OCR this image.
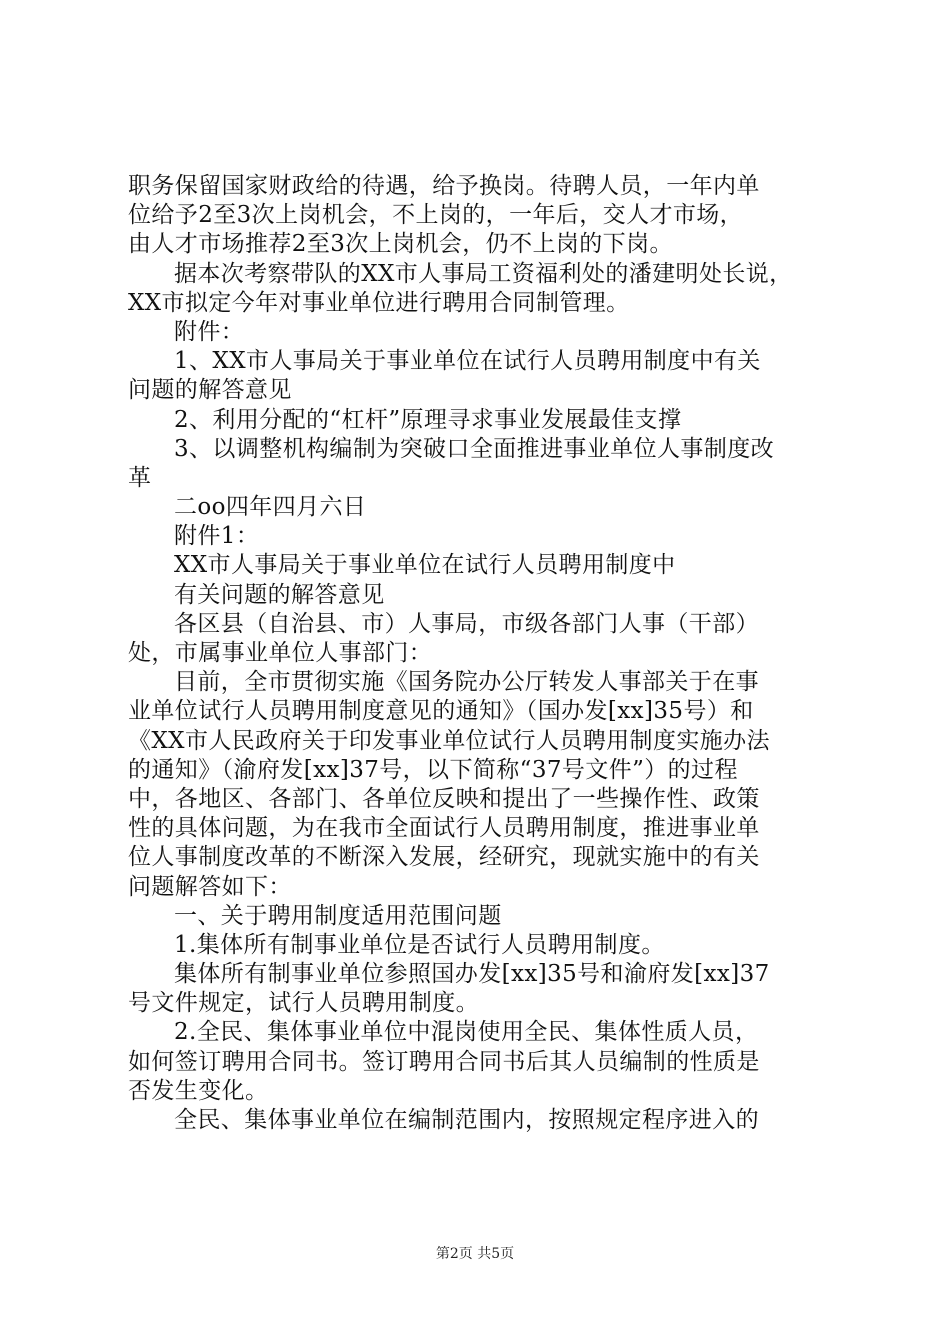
职务保留国家财政给的待遇，给予换岗。待聘人员，一年内单
位给予2至3次上岗机会，不上岗的，一年后，交人才市场，
由人才市场推荐2至3次上岗机会，仍不上岗的下岗。
据本次考察带队的XX市人事局工资福利处的潘建明处长说，
XX市拟定今年对事业单位进行聘用合同制管理。
附件：
1、XX市人事局关于事业单位在试行人员聘用制度中有关
问题的解答意见
2、利用分配的“杠杆”原理寻求事业发展最佳支撑
3、以调整机构编制为突破口全面推进事业单位人事制度改
革
二oo四年四月六日
附件1：
XX市人事局关于事业单位在试行人员聘用制度中
有关问题的解答意见
各区县（自治县、市）人事局，市级各部门人事（干部）
处，市属事业单位人事部门：
目前，全市贯彻实施《国务院办公厅转发人事部关于在事
业单位试行人员聘用制度意见的通知》（国办发[xx]35号）和
《XX市人民政府关于印发事业单位试行人员聘用制度实施办法
的通知》（渝府发[xx]37号，以下简称“37号文件”）的过程
中，各地区、各部门、各单位反映和提出了一些操作性、政策
性的具体问题，为在我市全面试行人员聘用制度，推进事业单
位人事制度改革的不断深入发展，经研究，现就实施中的有关
问题解答如下：
一、关于聘用制度适用范围问题
1.集体所有制事业单位是否试行人员聘用制度。
集体所有制事业单位参照国办发[xx]35号和渝府发[xx]37
号文件规定，试行人员聘用制度。
2.全民、集体事业单位中混岗使用全民、集体性质人员，
如何签订聘用合同书。签订聘用合同书后其人员编制的性质是
否发生变化。
全民、集体事业单位在编制范围内，按照规定程序进入的
第2页 共5页
